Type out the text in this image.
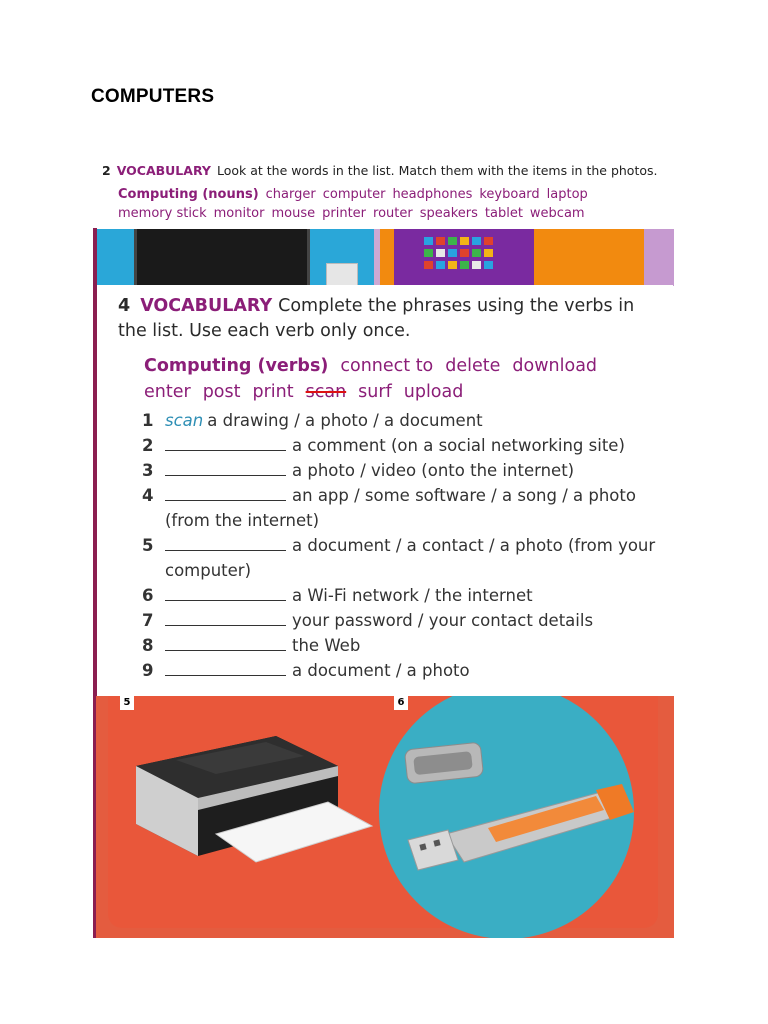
COMPUTERS
2 VOCABULARY Look at the words in the list. Match them with the items in the photos.
Computing (nouns) charger computer headphones keyboard laptop
memory stick monitor mouse printer router speakers tablet webcam
4 VOCABULARY Complete the phrases using the verbs in the list. Use each verb only once.
Computing (verbs) connect to delete download
enter post print scan surf upload
1 scan a drawing / a photo / a document
2	a comment (on a social networking site)
3	a photo / video (onto the internet)
4	an app / some software / a song / a photo (from the internet)
5	a document / a contact / a photo (from your computer)
6	a Wi-Fi network / the internet
7	your password / your contact details
8	the Web
9	a document / a photo
5	6
